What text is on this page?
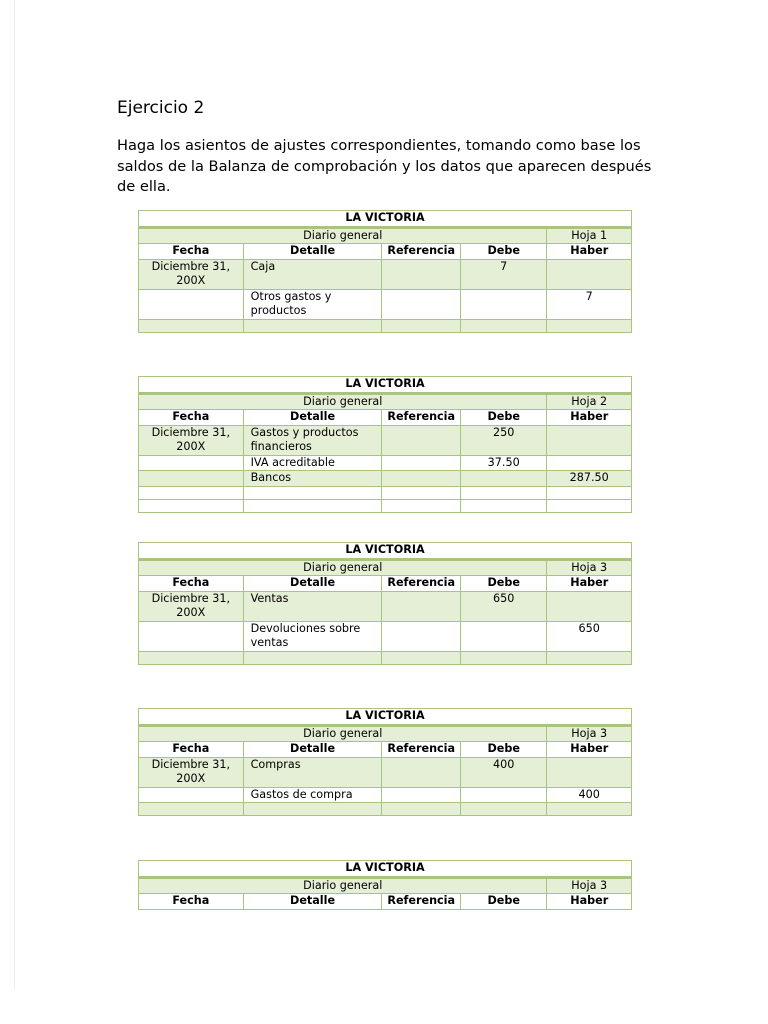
Ejercicio 2

Haga los asientos de ajustes correspondientes, tomando como base los saldos de la Balanza de comprobación y los datos que aparecen después de ella.

LA VICTORIA				
Diario general				Hoja 1
Fecha	Detalle	Referencia	Debe	Haber
Diciembre 31, 200X	Caja		7	
	Otros gastos y productos			7

LA VICTORIA				
Diario general				Hoja 2
Fecha	Detalle	Referencia	Debe	Haber
Diciembre 31, 200X	Gastos y productos financieros		250	
	IVA acreditable		37.50	
	Bancos			287.50

LA VICTORIA				
Diario general				Hoja 3
Fecha	Detalle	Referencia	Debe	Haber
Diciembre 31, 200X	Ventas		650	
	Devoluciones sobre ventas			650

LA VICTORIA				
Diario general				Hoja 3
Fecha	Detalle	Referencia	Debe	Haber
Diciembre 31, 200X	Compras		400	
	Gastos de compra			400

LA VICTORIA				
Diario general				Hoja 3
Fecha	Detalle	Referencia	Debe	Haber
